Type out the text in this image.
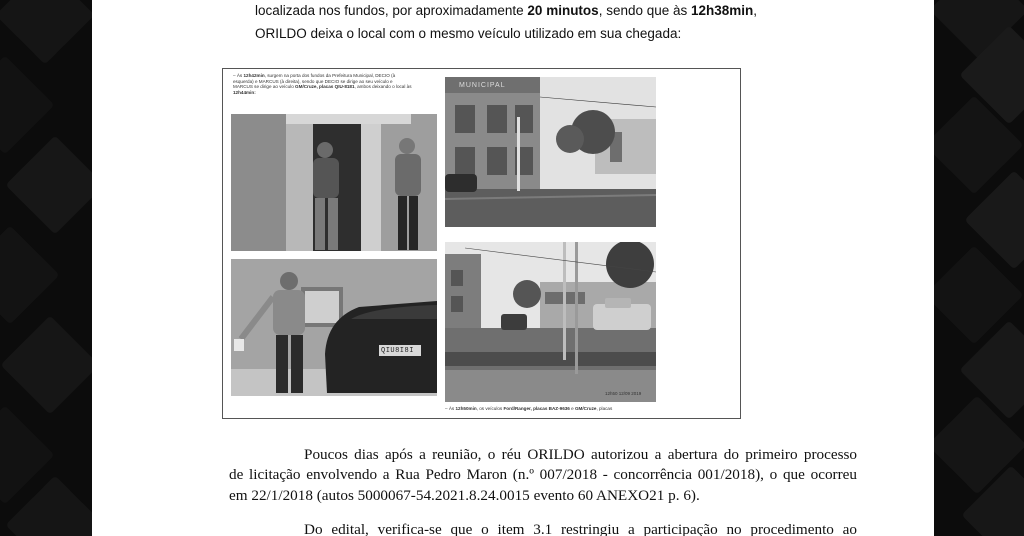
localizada nos fundos, por aproximadamente 20 minutos, sendo que às 12h38min,
ORILDO deixa o local com o mesmo veículo utilizado em sua chegada:
– Às 12h42min, surgem na porta dos fundos da Prefeitura Municipal, DECIO (à
esquerda) e MARCUS (à direita), sendo que DECIO se dirige ao seu veículo e
MARCUS se dirige ao veículo GM/Cruze, placas QIU-8181, ambos deixando o local às
12h44min:
MUNICIPAL
QIU8I8I
12h50 12/09 2019
– Às 12h50min, os veículos Ford/Ranger, placas BAZ-9636 e GM/Cruze, placas
Poucos dias após a reunião, o réu ORILDO autorizou a abertura do primeiro processo
de licitação envolvendo a Rua Pedro Maron (n.º 007/2018 - concorrência 001/2018), o que ocorreu
em 22/1/2018 (autos 5000067-54.2021.8.24.0015 evento 60 ANEXO21 p. 6).
Do edital, verifica-se que o item 3.1 restringiu a participação no procedimento ao
